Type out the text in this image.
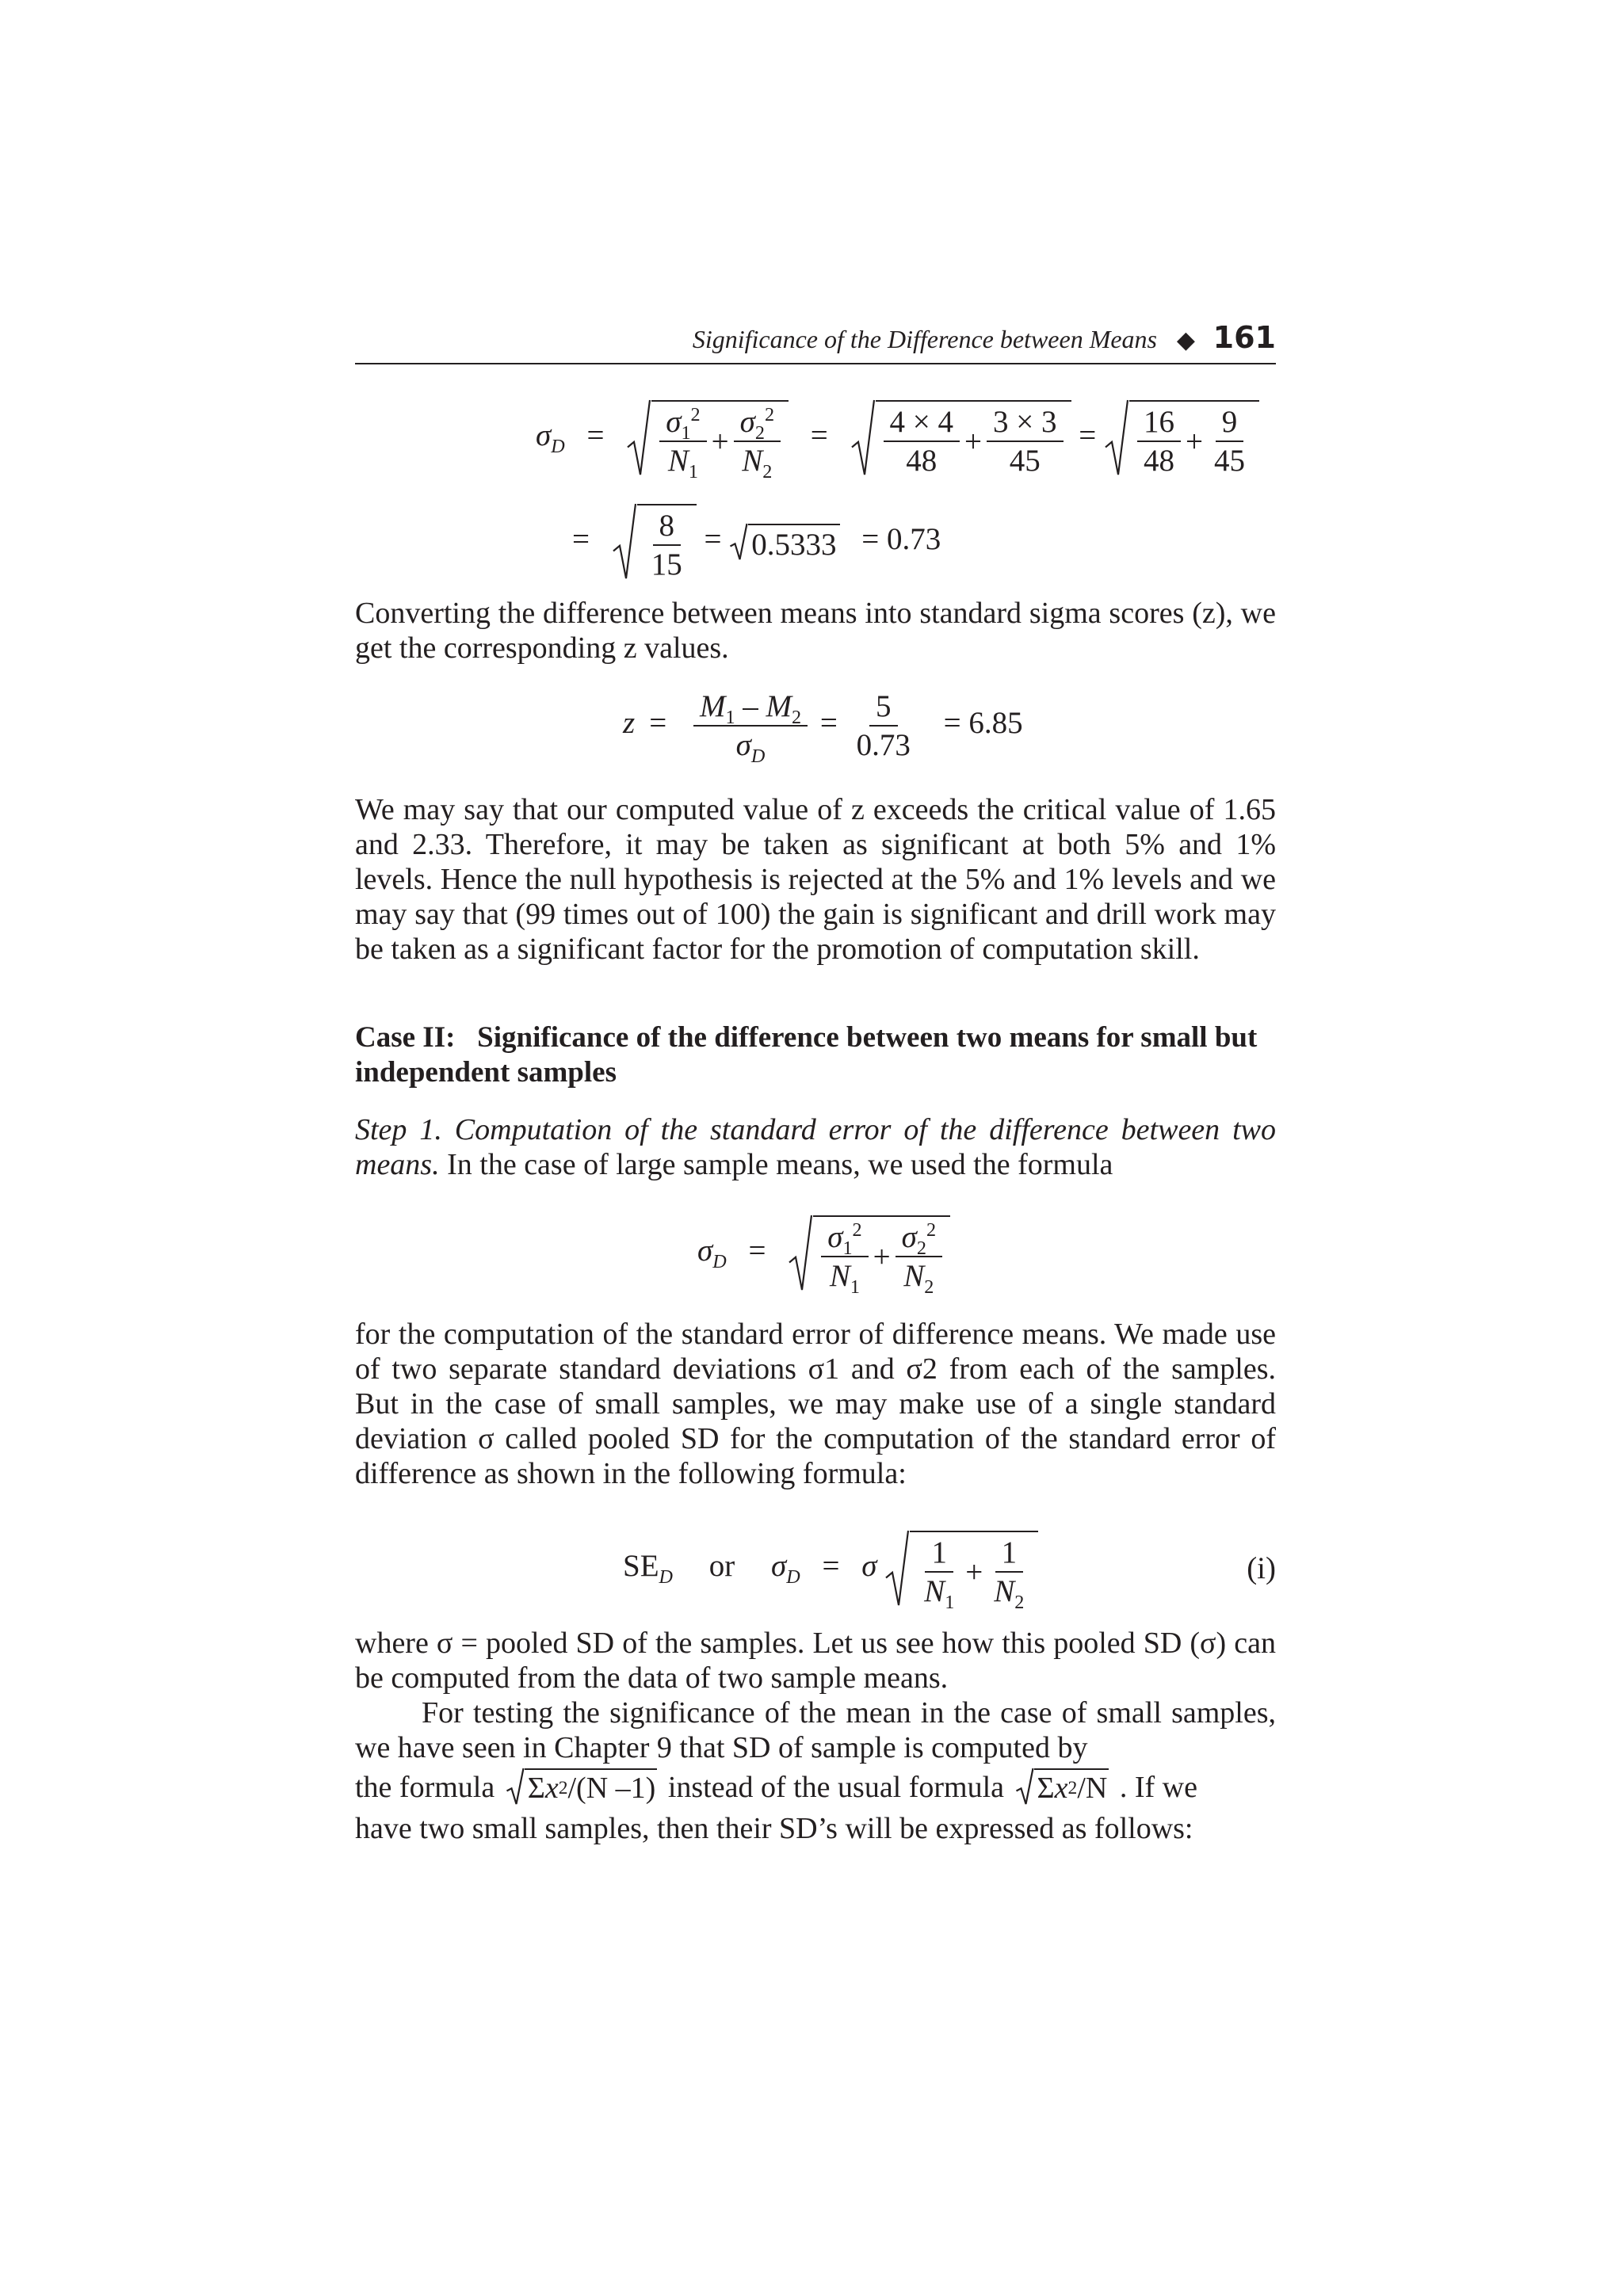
Significance of the Difference between Means ◆ 161
$\sigma_D = \frac{\sigma_1^2}{N_1} + \frac{\sigma_2^2}{N_2} = \frac{4 \times 4}{48} + \frac{3 \times 3}{45} = \frac{16}{48} + \frac{9}{45}$
= $\frac{8}{15} = 0.5333 = 0.73$
Converting the difference between means into standard sigma scores (z), we get the corresponding z values.
$z = \frac{M_1 - M_2}{\sigma_D} = \frac{5}{0.73} = 6.85$
We may say that our computed value of z exceeds the critical value of 1.65 and 2.33. Therefore, it may be taken as significant at both 5% and 1% levels. Hence the null hypothesis is rejected at the 5% and 1% levels and we may say that (99 times out of 100) the gain is significant and drill work may be taken as a significant factor for the promotion of computation skill.
Case II: Significance of the difference between two means for small but independent samples
Step 1. Computation of the standard error of the difference between two means. In the case of large sample means, we used the formula
$\sigma_D = \frac{\sigma_1^2}{N_1} + \frac{\sigma_2^2}{N_2}$
for the computation of the standard error of difference means. We made use of two separate standard deviations σ1 and σ2 from each of the samples. But in the case of small samples, we may make use of a single standard deviation σ called pooled SD for the computation of the standard error of difference as shown in the following formula:
$SE_D$ or $\sigma_D = \sigma \frac{1}{N_1} + \frac{1}{N_2}$	(i)
where σ = pooled SD of the samples. Let us see how this pooled SD (σ) can be computed from the data of two sample means.
For testing the significance of the mean in the case of small samples, we have seen in Chapter 9 that SD of sample is computed by
the formula Σ x 2 /(N –1) instead of the usual formula Σ x 2 /N . If we
have two small samples, then their SD’s will be expressed as follows:
